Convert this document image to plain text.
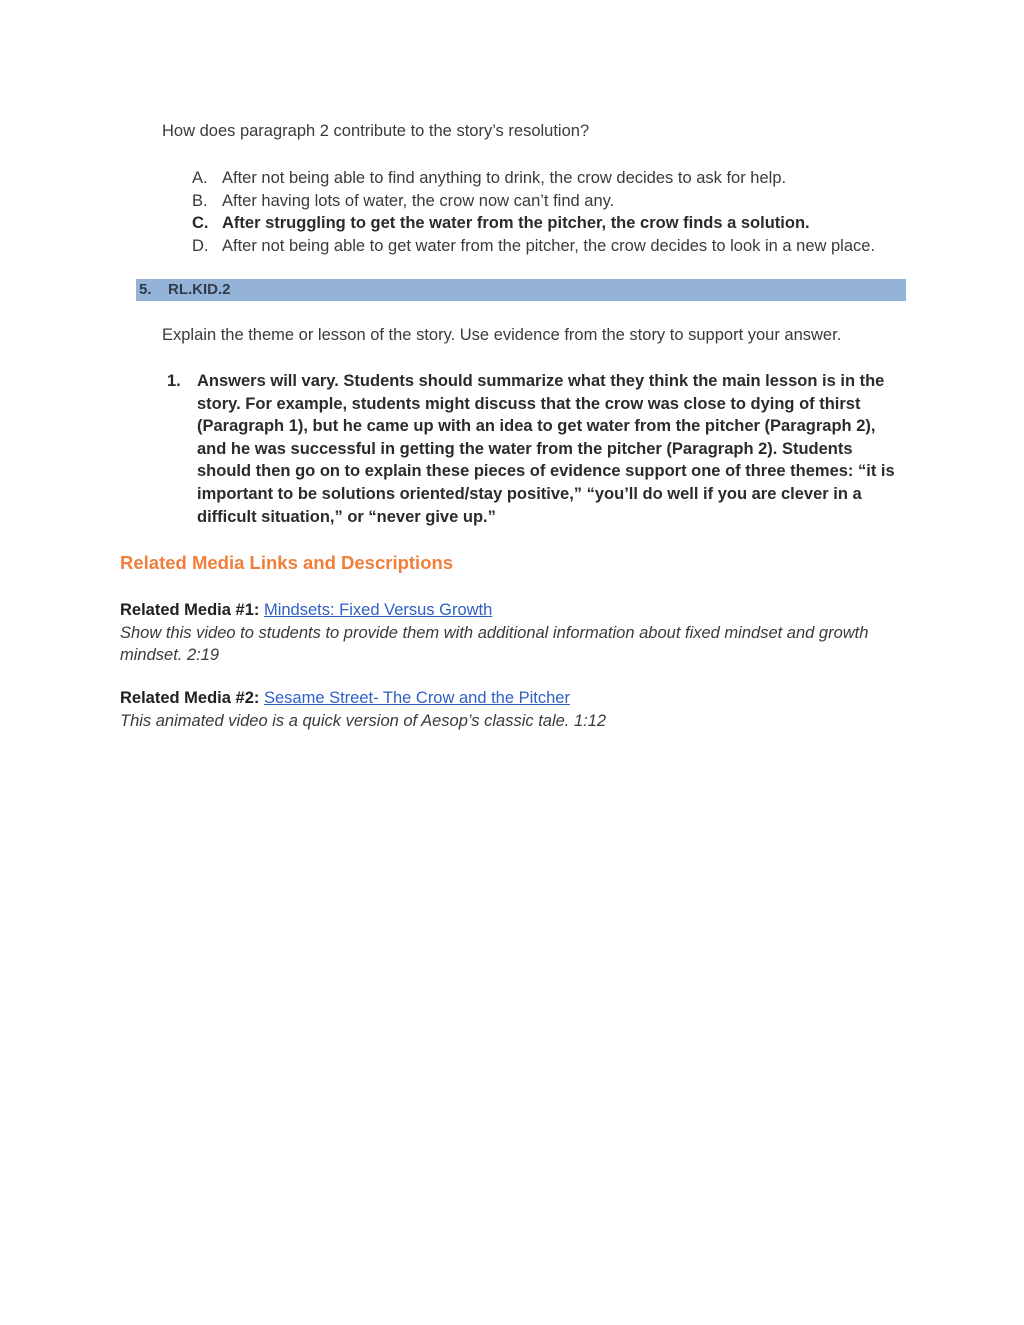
How does paragraph 2 contribute to the story’s resolution?
A. After not being able to find anything to drink, the crow decides to ask for help.
B. After having lots of water, the crow now can’t find any.
C. After struggling to get the water from the pitcher, the crow finds a solution.
D. After not being able to get water from the pitcher, the crow decides to look in a new place.
5. RL.KID.2
Explain the theme or lesson of the story. Use evidence from the story to support your answer.
1. Answers will vary. Students should summarize what they think the main lesson is in the story. For example, students might discuss that the crow was close to dying of thirst (Paragraph 1), but he came up with an idea to get water from the pitcher (Paragraph 2), and he was successful in getting the water from the pitcher (Paragraph 2). Students should then go on to explain these pieces of evidence support one of three themes: “it is important to be solutions oriented/stay positive,” “you’ll do well if you are clever in a difficult situation,” or “never give up.”
Related Media Links and Descriptions
Related Media #1: Mindsets: Fixed Versus Growth
Show this video to students to provide them with additional information about fixed mindset and growth mindset. 2:19
Related Media #2: Sesame Street- The Crow and the Pitcher
This animated video is a quick version of Aesop’s classic tale. 1:12
